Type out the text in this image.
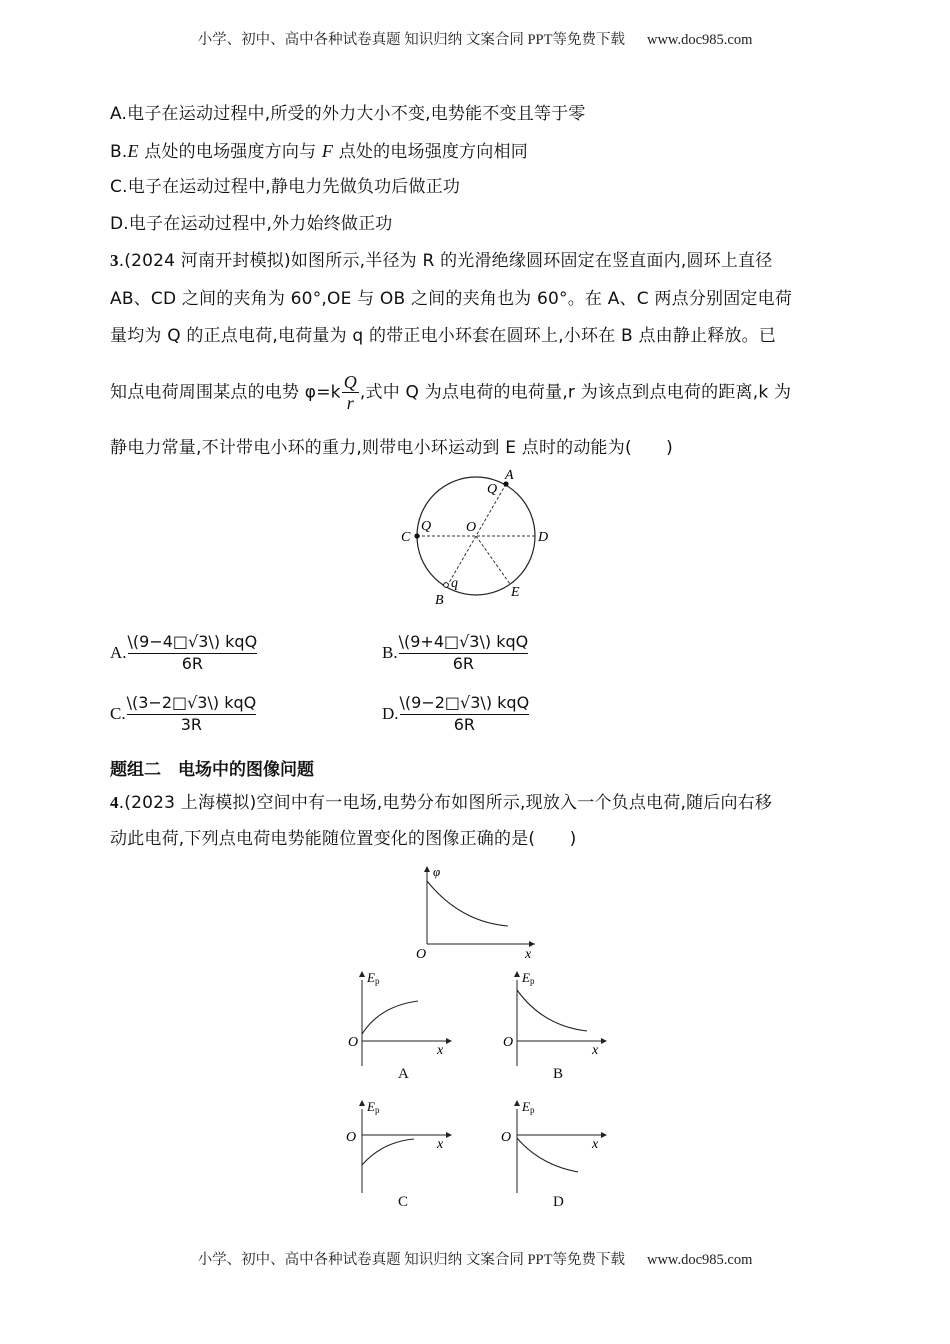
小学、初中、高中各种试卷真题 知识归纳 文案合同 PPT等免费下载 www.doc985.com
A.电子在运动过程中,所受的外力大小不变,电势能不变且等于零
B.E 点处的电场强度方向与 F 点处的电场强度方向相同
C.电子在运动过程中,静电力先做负功后做正功
D.电子在运动过程中,外力始终做正功
3.(2024 河南开封模拟)如图所示,半径为 R 的光滑绝缘圆环固定在竖直面内,圆环上直径
AB、CD 之间的夹角为 60°,OE 与 OB 之间的夹角也为 60°。在 A、C 两点分别固定电荷
量均为 Q 的正点电荷,电荷量为 q 的带正电小环套在圆环上,小环在 B 点由静止释放。已
知点电荷周围某点的电势 $\varphi=k \frac{Q}{r}$ ,式中 Q 为点电荷的电荷量,r 为该点到点电荷的距离,k 为
静电力常量,不计带电小环的重力,则带电小环运动到 E 点时的动能为(　　)
A
Q
C
Q O
D
q
B
E
A. $\frac{\text{\textbackslash{}(9−4□√3\textbackslash{}) kqQ}}{6R}$	B. $\frac{\text{\textbackslash{}(9+4□√3\textbackslash{}) kqQ}}{6R}$
C. $\frac{\text{\textbackslash{}(3−2□√3\textbackslash{}) kqQ}}{3R}$	D. $\frac{\text{\textbackslash{}(9−2□√3\textbackslash{}) kqQ}}{6R}$
题组二　电场中的图像问题
4.(2023 上海模拟)空间中有一电场,电势分布如图所示,现放入一个负点电荷,随后向右移
动此电荷,下列点电荷电势能随位置变化的图像正确的是(　　)
φ
O	x
Ep
O
x
A
Ep
O
x
B
Ep
O	x
C
Ep
O	x
D
小学、初中、高中各种试卷真题 知识归纳 文案合同 PPT等免费下载 www.doc985.com
